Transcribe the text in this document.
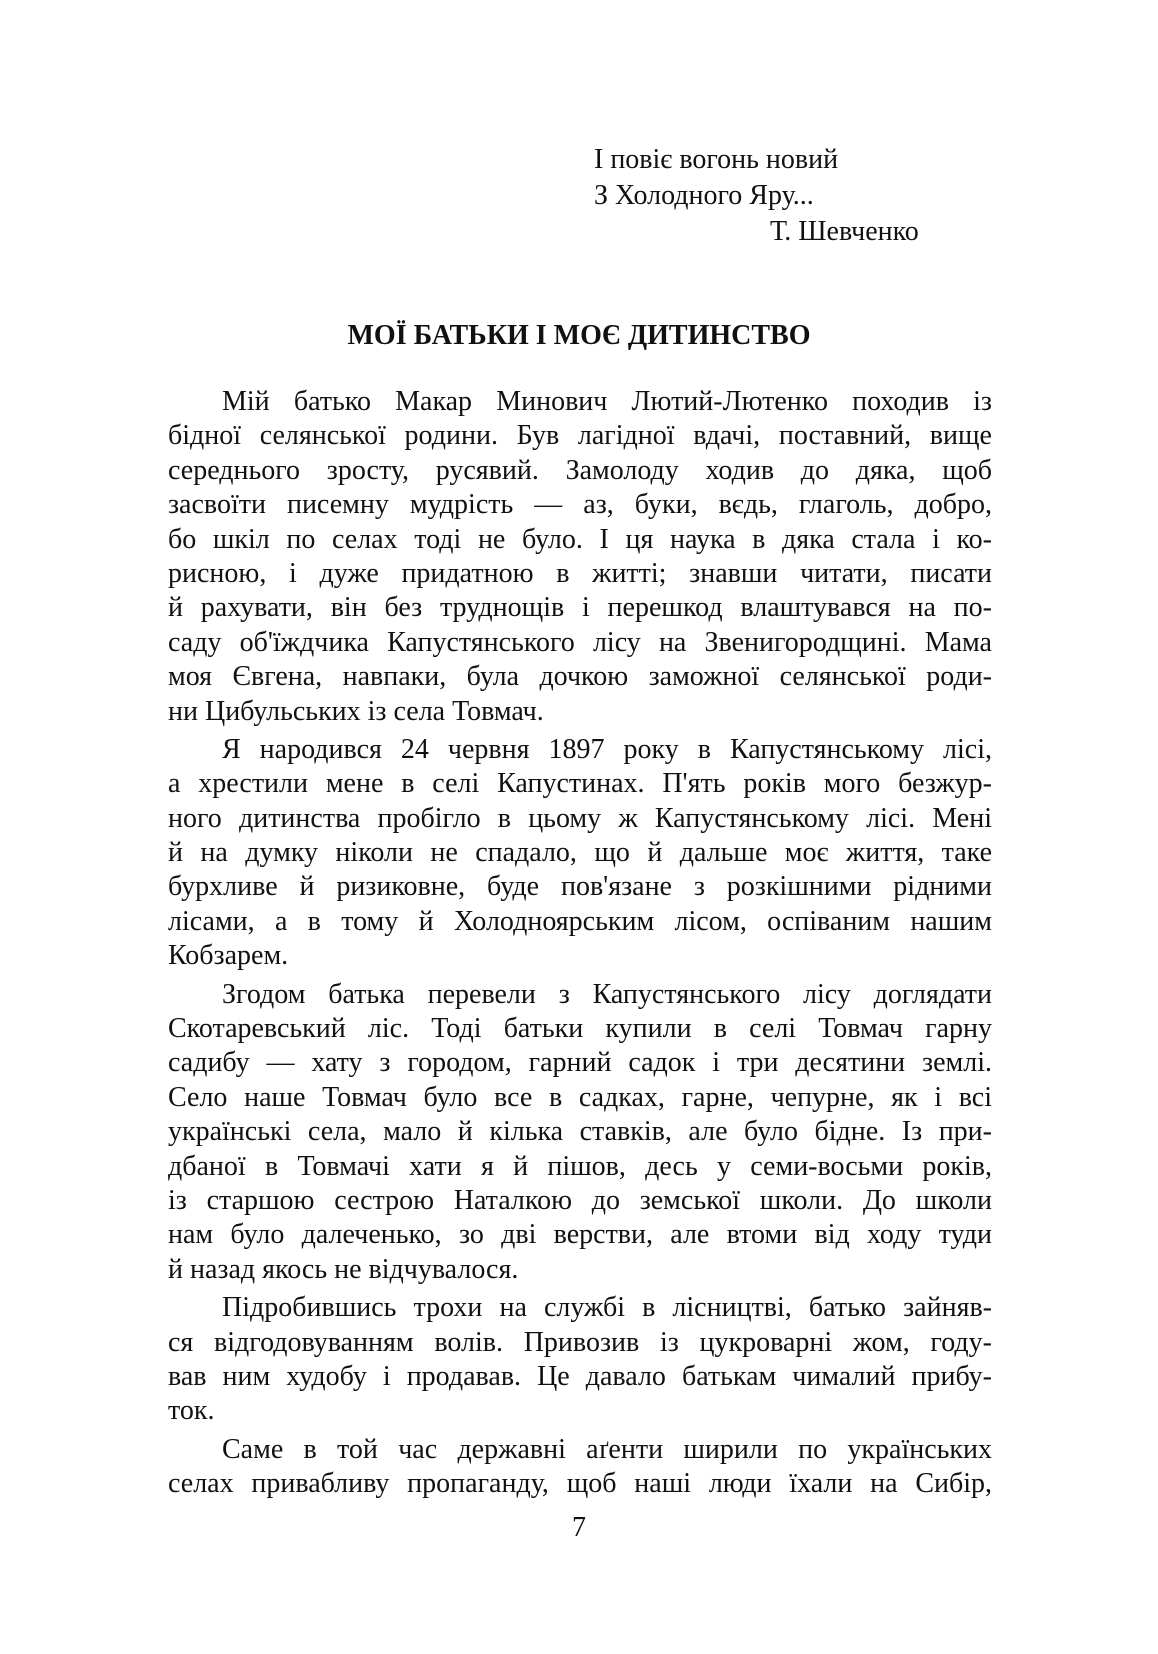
І повіє вогонь новий
З Холодного Яру...
Т. Шевченко
МОЇ БАТЬКИ І МОЄ ДИТИНСТВО
Мій батько Макар Минович Лютий-Лютенко походив із
бідної селянської родини. Був лагідної вдачі, поставний, вище
середнього зросту, русявий. Замолоду ходив до дяка, щоб
засвоїти писемну мудрість — аз, буки, вєдь, глаголь, добро,
бо шкіл по селах тоді не було. І ця наука в дяка стала і ко-
рисною, і дуже придатною в житті; знавши читати, писати
й рахувати, він без труднощів і перешкод влаштувався на по-
саду об'їждчика Капустянського лісу на Звенигородщині. Мама
моя Євгена, навпаки, була дочкою заможної селянської роди-
ни Цибульських із села Товмач.
Я народився 24 червня 1897 року в Капустянському лісі,
а хрестили мене в селі Капустинах. П'ять років мого безжур-
ного дитинства пробігло в цьому ж Капустянському лісі. Мені
й на думку ніколи не спадало, що й дальше моє життя, таке
бурхливе й ризиковне, буде пов'язане з розкішними рідними
лісами, а в тому й Холодноярським лісом, оспіваним нашим
Кобзарем.
Згодом батька перевели з Капустянського лісу доглядати
Скотаревський ліс. Тоді батьки купили в селі Товмач гарну
садибу — хату з городом, гарний садок і три десятини землі.
Село наше Товмач було все в садках, гарне, чепурне, як і всі
українські села, мало й кілька ставків, але було бідне. Із при-
дбаної в Товмачі хати я й пішов, десь у семи-восьми років,
із старшою сестрою Наталкою до земської школи. До школи
нам було далеченько, зо дві верстви, але втоми від ходу туди
й назад якось не відчувалося.
Підробившись трохи на службі в лісництві, батько зайняв-
ся відгодовуванням волів. Привозив із цукроварні жом, году-
вав ним худобу і продавав. Це давало батькам чималий прибу-
ток.
Саме в той час державні аґенти ширили по українських
селах привабливу пропаганду, щоб наші люди їхали на Сибір,
7
